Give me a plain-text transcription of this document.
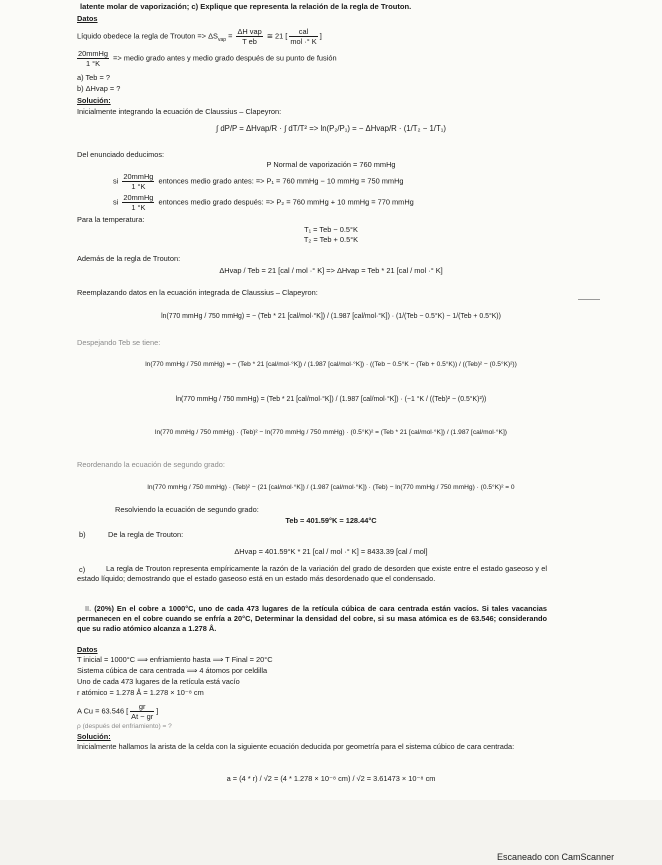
latente molar de vaporización; c) Explique que representa la relación de la regla de Trouton.
Datos
Líquido obedece la regla de Trouton => $\Delta S_{vap} = \Delta H$ vap
T eb
≅ 21 [	cal
mol ·° K
]
20mmHg
1 °K
=> medio grado antes y medio grado después de su punto de fusión
a) Teb = ?
b) ΔHvap = ?
Solución:
Inicialmente integrando la ecuación de Claussius – Clapeyron:
∫ dP/P = ΔHvap/R · ∫ dT/T² => ln(P₂/P₁) = − ΔHvap/R · (1/T₂ − 1/T₁)
Del enunciado deducimos:
P Normal de vaporización = 760 mmHg
si 20mmHg
1 °K
entonces medio grado antes: => P₁ = 760 mmHg − 10 mmHg = 750 mmHg
si 20mmHg
1 °K
entonces medio grado después: => P₂ = 760 mmHg + 10 mmHg = 770 mmHg
Para la temperatura:
T₁ = Teb − 0.5°K
T₂ = Teb + 0.5°K
Además de la regla de Trouton:
ΔHvap / Teb = 21 [cal / mol ·° K] => ΔHvap = Teb * 21 [cal / mol ·° K]
Reemplazando datos en la ecuación integrada de Claussius – Clapeyron:
ln(770 mmHg / 750 mmHg) = − (Teb * 21 [cal/mol·°K]) / (1.987 [cal/mol·°K]) · (1/(Teb − 0.5°K) − 1/(Teb + 0.5°K))
Despejando Teb se tiene:
ln(770 mmHg / 750 mmHg) = − (Teb * 21 [cal/mol·°K]) / (1.987 [cal/mol·°K]) · ((Teb − 0.5°K − (Teb + 0.5°K)) / ((Teb)² − (0.5°K)²))
ln(770 mmHg / 750 mmHg) = (Teb * 21 [cal/mol·°K]) / (1.987 [cal/mol·°K]) · (−1 °K / ((Teb)² − (0.5°K)²))
ln(770 mmHg / 750 mmHg) · (Teb)² − ln(770 mmHg / 750 mmHg) · (0.5°K)² = (Teb * 21 [cal/mol·°K]) / (1.987 [cal/mol·°K])
Reordenando la ecuación de segundo grado:
ln(770 mmHg / 750 mmHg) · (Teb)² − (21 [cal/mol·°K]) / (1.987 [cal/mol·°K]) · (Teb) − ln(770 mmHg / 750 mmHg) · (0.5°K)² = 0
Resolviendo la ecuación de segundo grado:
Teb = 401.59°K = 128.44°C
b)	De la regla de Trouton:
ΔHvap = 401.59°K * 21 [cal / mol ·° K] = 8433.39 [cal / mol]
c)	La regla de Trouton representa empíricamente la razón de la variación del grado de desorden que existe entre el estado gaseoso y el estado líquido; demostrando que el estado gaseoso está en un estado más desordenado que el condensado.
II. (20%) En el cobre a 1000°C, uno de cada 473 lugares de la retícula cúbica de cara centrada están vacíos. Si tales vacancias permanecen en el cobre cuando se enfría a 20°C, Determinar la densidad del cobre, si su masa atómica es de 63.546; considerando que su radio atómico alcanza a 1.278 Å.
Datos
T inicial = 1000°C ⟹ enfriamiento hasta ⟹ T Final = 20°C
Sistema cúbica de cara centrada ⟹ 4 átomos por celdilla
Uno de cada 473 lugares de la retícula está vacío
r atómico = 1.278 Å = 1.278 × 10⁻⁸ cm
A Cu = 63.546 [ $\frac{gr}{At - gr}$ ]
ρ (después del enfriamiento) = ?
Solución:
Inicialmente hallamos la arista de la celda con la siguiente ecuación deducida por geometría para el sistema cúbico de cara centrada:
a = (4 * r) / √2 = (4 * 1.278 × 10⁻⁸ cm) / √2 = 3.61473 × 10⁻⁸ cm
Escaneado con CamScanner
